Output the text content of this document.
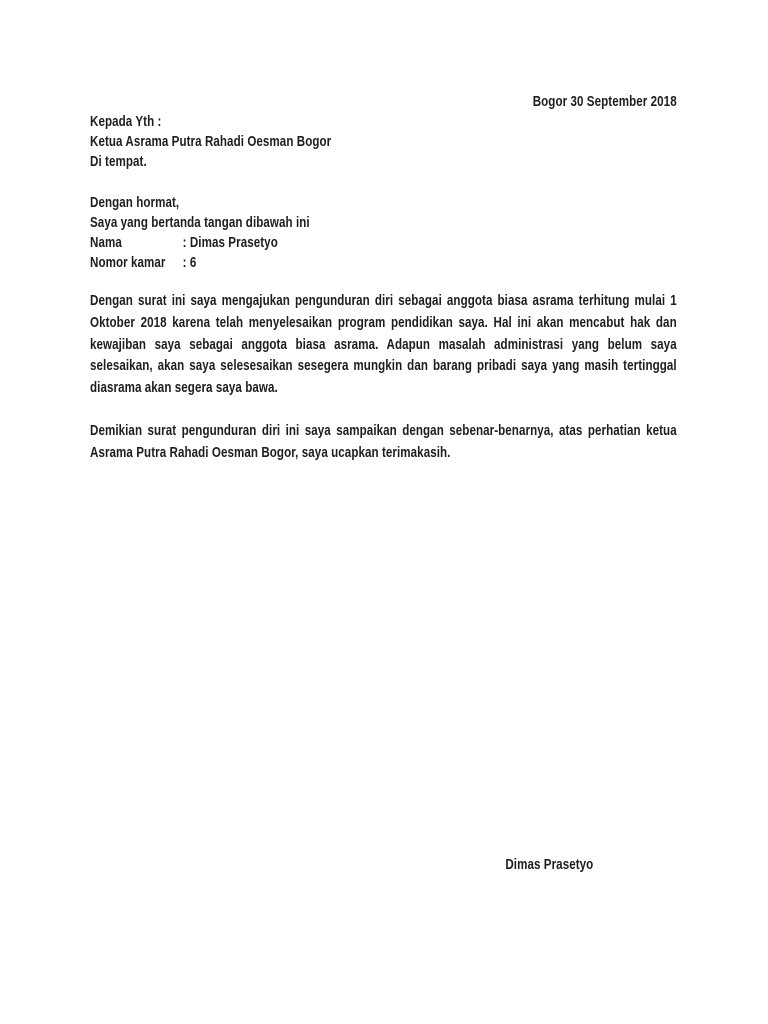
Bogor 30 September 2018
Kepada Yth :
Ketua Asrama Putra Rahadi Oesman Bogor
Di tempat.
Dengan hormat,
Saya yang bertanda tangan dibawah ini
Nama	: Dimas Prasetyo
Nomor kamar	: 6

Dengan surat ini saya mengajukan pengunduran diri sebagai anggota biasa asrama terhitung mulai 1 Oktober 2018 karena telah menyelesaikan program pendidikan saya. Hal ini akan mencabut hak dan kewajiban saya sebagai anggota biasa asrama. Adapun masalah administrasi yang belum saya selesaikan, akan saya selesesaikan sesegera mungkin dan barang pribadi saya yang masih tertinggal diasrama akan segera saya bawa.

Demikian surat pengunduran diri ini saya sampaikan dengan sebenar-benarnya, atas perhatian ketua Asrama Putra Rahadi Oesman Bogor, saya ucapkan terimakasih.

Dimas Prasetyo
